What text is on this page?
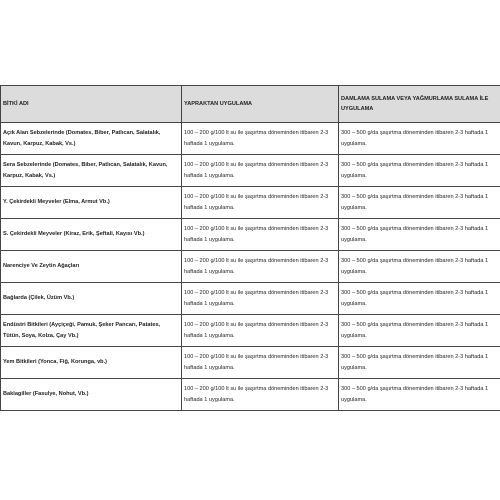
BİTKİ ADI	YAPRAKTAN UYGULAMA	DAMLAMA SULAMA VEYA YAĞMURLAMA SULAMA İLE UYGULAMA
Açık Alan Sebzelerinde (Domates, Biber, Patlıcan, Salatalık, Kavun, Karpuz, Kabak, Vs.)	100 – 200 g/100 lt su ile şaşırtma döneminden itibaren 2-3 haftada 1 uygulama.	300 – 500 g/da şaşırtma döneminden itibaren 2-3 haftada 1 uygulama.
Sera Sebzelerinde (Domates, Biber, Patlıcan, Salatalık, Kavun, Karpuz, Kabak, Vs.)	100 – 200 g/100 lt su ile şaşırtma döneminden itibaren 2-3 haftada 1 uygulama.	300 – 500 g/da şaşırtma döneminden itibaren 2-3 haftada 1 uygulama.
Y. Çekirdekli Meyveler (Elma, Armut Vb.)	100 – 200 g/100 lt su ile şaşırtma döneminden itibaren 2-3 haftada 1 uygulama.	300 – 500 g/da şaşırtma döneminden itibaren 2-3 haftada 1 uygulama.
S. Çekirdekli Meyveler (Kiraz, Erik, Şeftali, Kayısı Vb.)	100 – 200 g/100 lt su ile şaşırtma döneminden itibaren 2-3 haftada 1 uygulama.	300 – 500 g/da şaşırtma döneminden itibaren 2-3 haftada 1 uygulama.
Narenciye Ve Zeytin Ağaçları	100 – 200 g/100 lt su ile şaşırtma döneminden itibaren 2-3 haftada 1 uygulama.	300 – 500 g/da şaşırtma döneminden itibaren 2-3 haftada 1 uygulama.
Bağlarda (Çilek, Üzüm Vb.)	100 – 200 g/100 lt su ile şaşırtma döneminden itibaren 2-3 haftada 1 uygulama.	300 – 500 g/da şaşırtma döneminden itibaren 2-3 haftada 1 uygulama.
Endüstri Bitkileri (Ayçiçeği, Pamuk, Şeker Pancarı, Patates, Tütün, Soya, Kolza, Çay Vb.)	100 – 200 g/100 lt su ile şaşırtma döneminden itibaren 2-3 haftada 1 uygulama.	300 – 500 g/da şaşırtma döneminden itibaren 2-3 haftada 1 uygulama.
Yem Bitkileri (Yonca, Fiğ, Korunga, vb.)	100 – 200 g/100 lt su ile şaşırtma döneminden itibaren 2-3 haftada 1 uygulama.	300 – 500 g/da şaşırtma döneminden itibaren 2-3 haftada 1 uygulama.
Baklagiller (Fasulye, Nohut, Vb.)	100 – 200 g/100 lt su ile şaşırtma döneminden itibaren 2-3 haftada 1 uygulama.	300 – 500 g/da şaşırtma döneminden itibaren 2-3 haftada 1 uygulama.
